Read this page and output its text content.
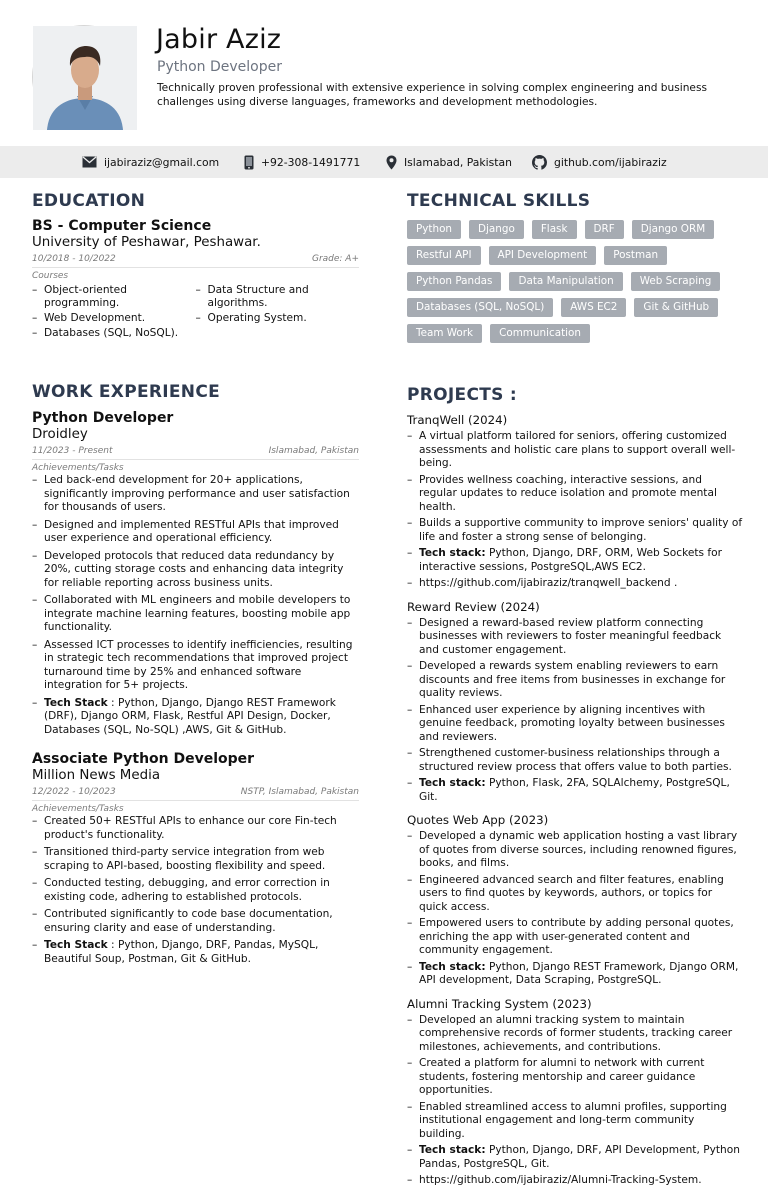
Jabir Aziz
Python Developer
Technically proven professional with extensive experience in solving complex engineering and business challenges using diverse languages, frameworks and development methodologies.
ijabiraziz@gmail.com	+92-308-1491771	Islamabad, Pakistan	github.com/ijabiraziz
EDUCATION
BS - Computer Science
University of Peshawar, Peshawar.
10/2018 - 10/2022	Grade: A+
Courses
– Object-oriented programming.
– Web Development.
– Databases (SQL, NoSQL).
– Data Structure and algorithms.
– Operating System.
TECHNICAL SKILLS
Python	Django	Flask	DRF	Django ORM
Restful API	API Development	Postman
Python Pandas	Data Manipulation	Web Scraping
Databases (SQL, NoSQL)	AWS EC2	Git & GitHub
Team Work	Communication
WORK EXPERIENCE
Python Developer
Droidley
11/2023 - Present	Islamabad, Pakistan
Achievements/Tasks
– Led back-end development for 20+ applications, significantly improving performance and user satisfaction for thousands of users.
– Designed and implemented RESTful APIs that improved user experience and operational efficiency.
– Developed protocols that reduced data redundancy by 20%, cutting storage costs and enhancing data integrity for reliable reporting across business units.
– Collaborated with ML engineers and mobile developers to integrate machine learning features, boosting mobile app functionality.
– Assessed ICT processes to identify inefficiencies, resulting in strategic tech recommendations that improved project turnaround time by 25% and enhanced software integration for 5+ projects.
– Tech Stack : Python, Django, Django REST Framework (DRF), Django ORM, Flask, Restful API Design, Docker, Databases (SQL, No-SQL) ,AWS, Git & GitHub.
Associate Python Developer
Million News Media
12/2022 - 10/2023	NSTP, Islamabad, Pakistan
Achievements/Tasks
– Created 50+ RESTful APIs to enhance our core Fin-tech product's functionality.
– Transitioned third-party service integration from web scraping to API-based, boosting flexibility and speed.
– Conducted testing, debugging, and error correction in existing code, adhering to established protocols.
– Contributed significantly to code base documentation, ensuring clarity and ease of understanding.
– Tech Stack : Python, Django, DRF, Pandas, MySQL, Beautiful Soup, Postman, Git & GitHub.
PROJECTS :
TranqWell (2024)
– A virtual platform tailored for seniors, offering customized assessments and holistic care plans to support overall well-being.
– Provides wellness coaching, interactive sessions, and regular updates to reduce isolation and promote mental health.
– Builds a supportive community to improve seniors' quality of life and foster a strong sense of belonging.
– Tech stack: Python, Django, DRF, ORM, Web Sockets for interactive sessions, PostgreSQL,AWS EC2.
– https://github.com/ijabiraziz/tranqwell_backend .
Reward Review (2024)
– Designed a reward-based review platform connecting businesses with reviewers to foster meaningful feedback and customer engagement.
– Developed a rewards system enabling reviewers to earn discounts and free items from businesses in exchange for quality reviews.
– Enhanced user experience by aligning incentives with genuine feedback, promoting loyalty between businesses and reviewers.
– Strengthened customer-business relationships through a structured review process that offers value to both parties.
– Tech stack: Python, Flask, 2FA, SQLAlchemy, PostgreSQL, Git.
Quotes Web App (2023)
– Developed a dynamic web application hosting a vast library of quotes from diverse sources, including renowned figures, books, and films.
– Engineered advanced search and filter features, enabling users to find quotes by keywords, authors, or topics for quick access.
– Empowered users to contribute by adding personal quotes, enriching the app with user-generated content and community engagement.
– Tech stack: Python, Django REST Framework, Django ORM, API development, Data Scraping, PostgreSQL.
Alumni Tracking System (2023)
– Developed an alumni tracking system to maintain comprehensive records of former students, tracking career milestones, achievements, and contributions.
– Created a platform for alumni to network with current students, fostering mentorship and career guidance opportunities.
– Enabled streamlined access to alumni profiles, supporting institutional engagement and long-term community building.
– Tech stack: Python, Django, DRF, API Development, Python Pandas, PostgreSQL, Git.
– https://github.com/ijabiraziz/Alumni-Tracking-System.
